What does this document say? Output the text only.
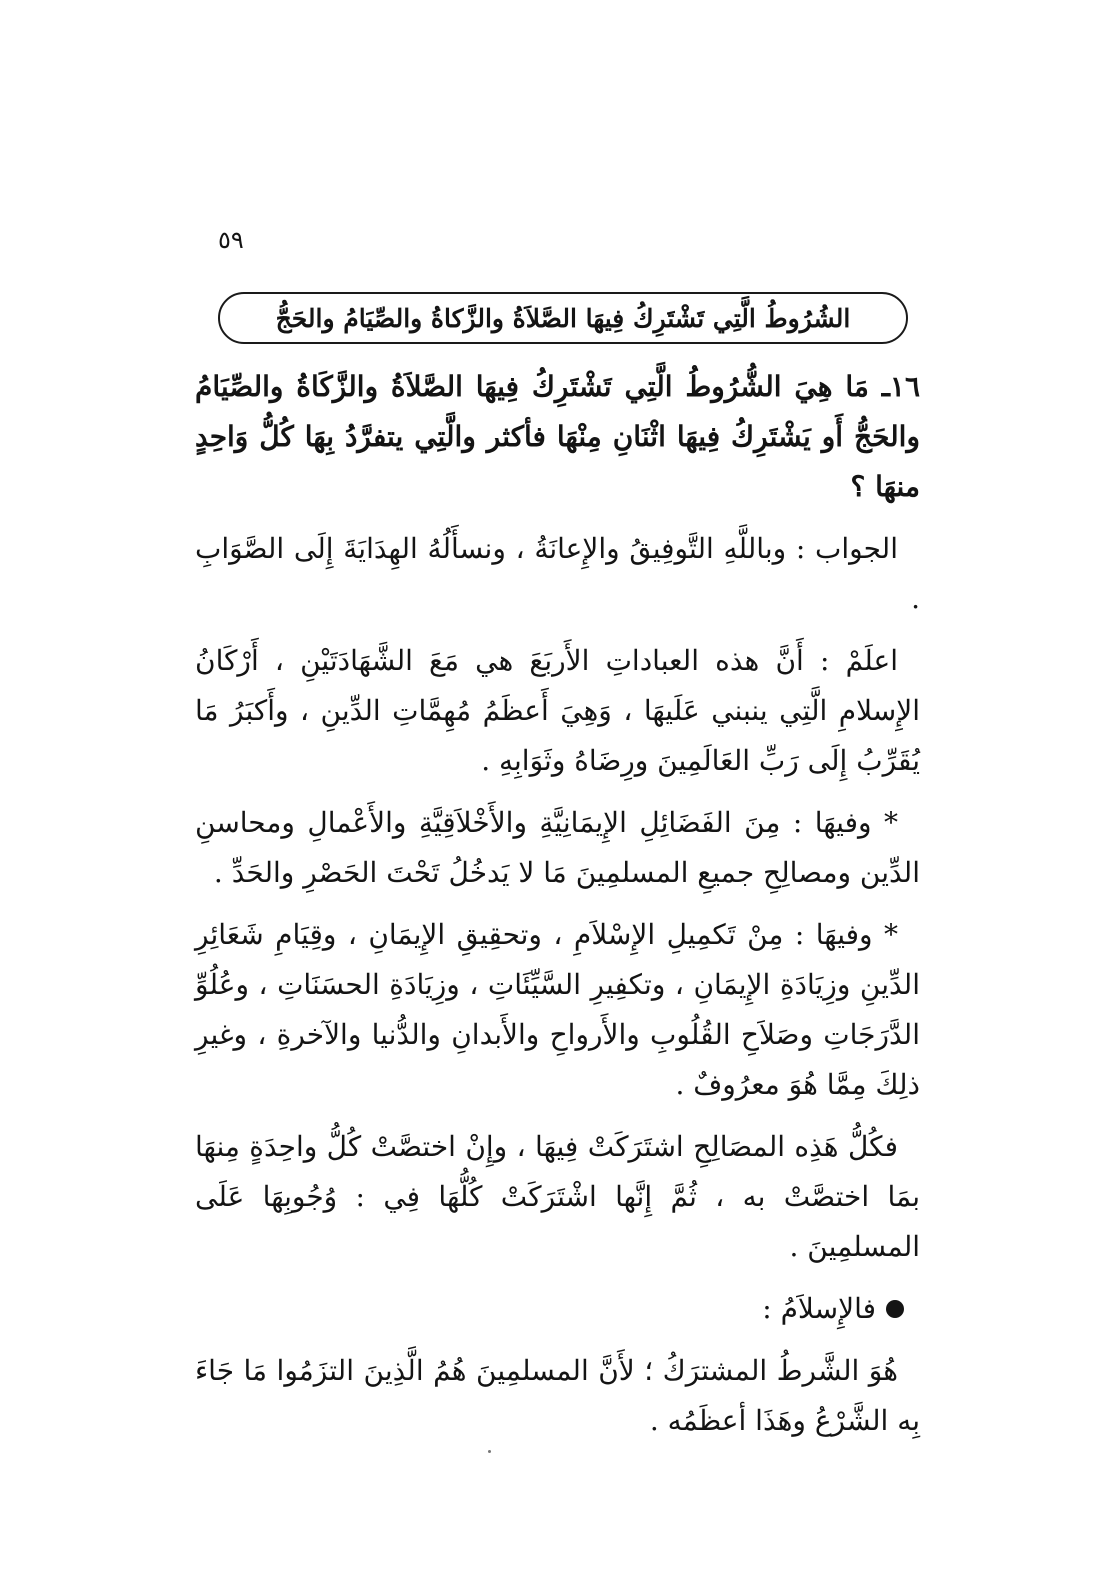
٥٩
الشُرُوطُ الَّتِي تَشْتَرِكُ فِيهَا الصَّلاَةُ والزَّكاةُ والصِّيَامُ والحَجُّ

١٦ـ مَا هِيَ الشُّرُوطُ الَّتِي تَشْتَرِكُ فِيهَا الصَّلاَةُ والزَّكَاةُ والصِّيَامُ والحَجُّ أَو يَشْتَرِكُ فِيهَا اثْنَانِ مِنْهَا فأكثر والَّتِي يتفرَّدُ بِهَا كُلُّ وَاحِدٍ منهَا ؟

الجواب : وباللَّهِ التَّوفِيقُ والإِعانَةُ ، ونسأَلُهُ الهِدَايَةَ إِلَى الصَّوَابِ .

اعلَمْ : أَنَّ هذه العباداتِ الأَربَعَ هي مَعَ الشَّهَادَتَيْنِ ، أَرْكَانُ الإِسلامِ الَّتِي ينبني عَلَيهَا ، وَهِيَ أَعظَمُ مُهِمَّاتِ الدِّينِ ، وأَكبَرُ مَا يُقَرِّبُ إِلَى رَبِّ العَالَمِينَ ورِضَاهُ وثَوَابِهِ .

* وفيهَا : مِنَ الفَضَائِلِ الإِيمَانِيَّةِ والأَخْلاَقِيَّةِ والأَعْمالِ ومحاسنِ الدِّين ومصالِحِ جميعِ المسلمِينَ مَا لا يَدخُلُ تَحْتَ الحَصْرِ والحَدِّ .

* وفيهَا : مِنْ تَكمِيلِ الإِسْلاَمِ ، وتحقِيقِ الإِيمَانِ ، وقِيَامِ شَعَائِرِ الدِّينِ وزِيَادَةِ الإِيمَانِ ، وتكفِيرِ السَّيِّئَاتِ ، وزِيَادَةِ الحسَنَاتِ ، وعُلُوِّ الدَّرَجَاتِ وصَلاَحِ القُلُوبِ والأَرواحِ والأَبدانِ والدُّنيا والآخرةِ ، وغيرِ ذلِكَ مِمَّا هُوَ معرُوفٌ .

فكُلُّ هَذِه المصَالِحِ اشتَرَكَتْ فِيهَا ، وإِنْ اختصَّتْ كُلُّ واحِدَةٍ مِنهَا بمَا اختصَّتْ به ، ثُمَّ إِنَّها اشْتَرَكَتْ كُلُّهَا فِي : وُجُوبِهَا عَلَى المسلمِينَ .

فالإِسلاَمُ :

هُوَ الشَّرطُ المشترَكُ ؛ لأَنَّ المسلمِينَ هُمُ الَّذِينَ التزَمُوا مَا جَاءَ بِه الشَّرْعُ وهَذَا أعظَمُه .
